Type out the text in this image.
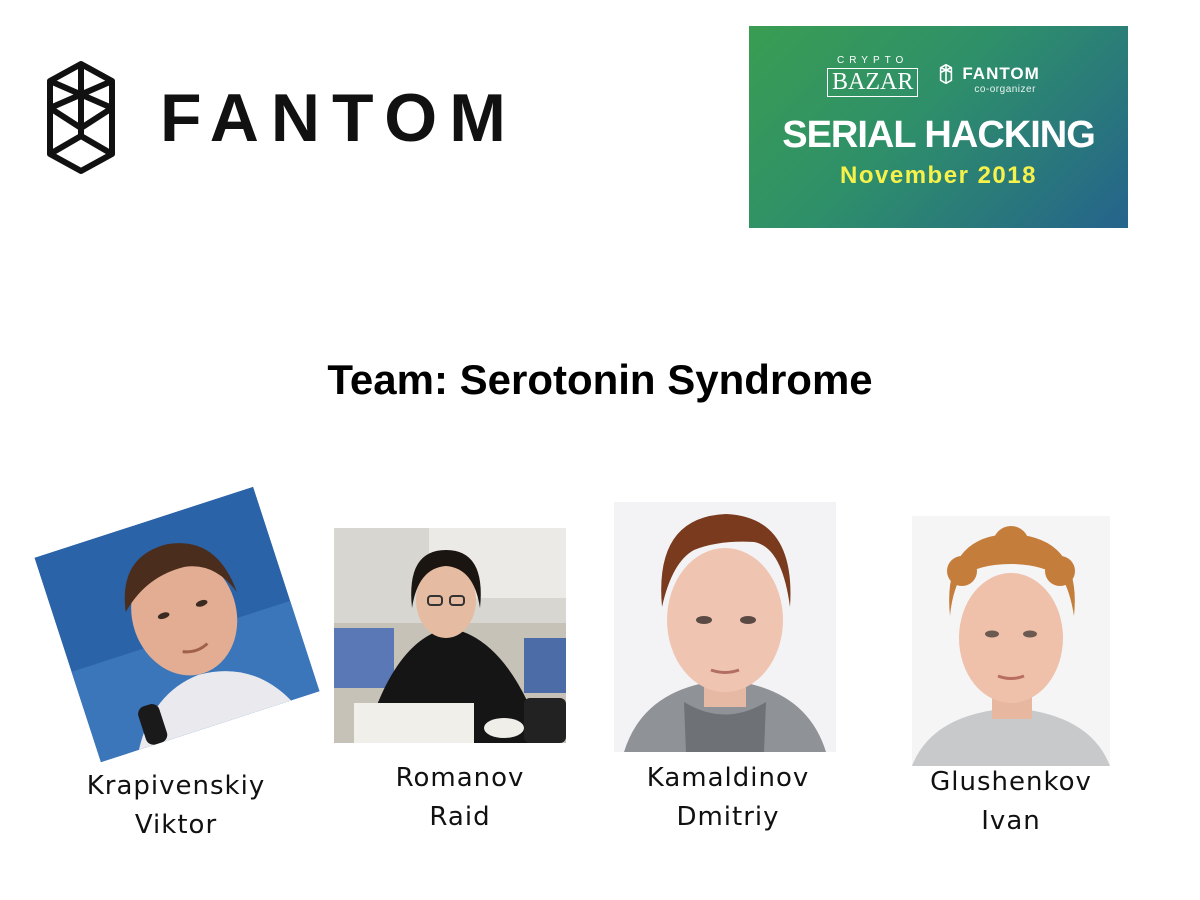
FANTOM
CRYPTO
BAZAR	FANTOM
co-organizer
SERIAL HACKING
November 2018
Team: Serotonin Syndrome
Krapivenskiy
Viktor
Romanov
Raid
Kamaldinov
Dmitriy
Glushenkov
Ivan
